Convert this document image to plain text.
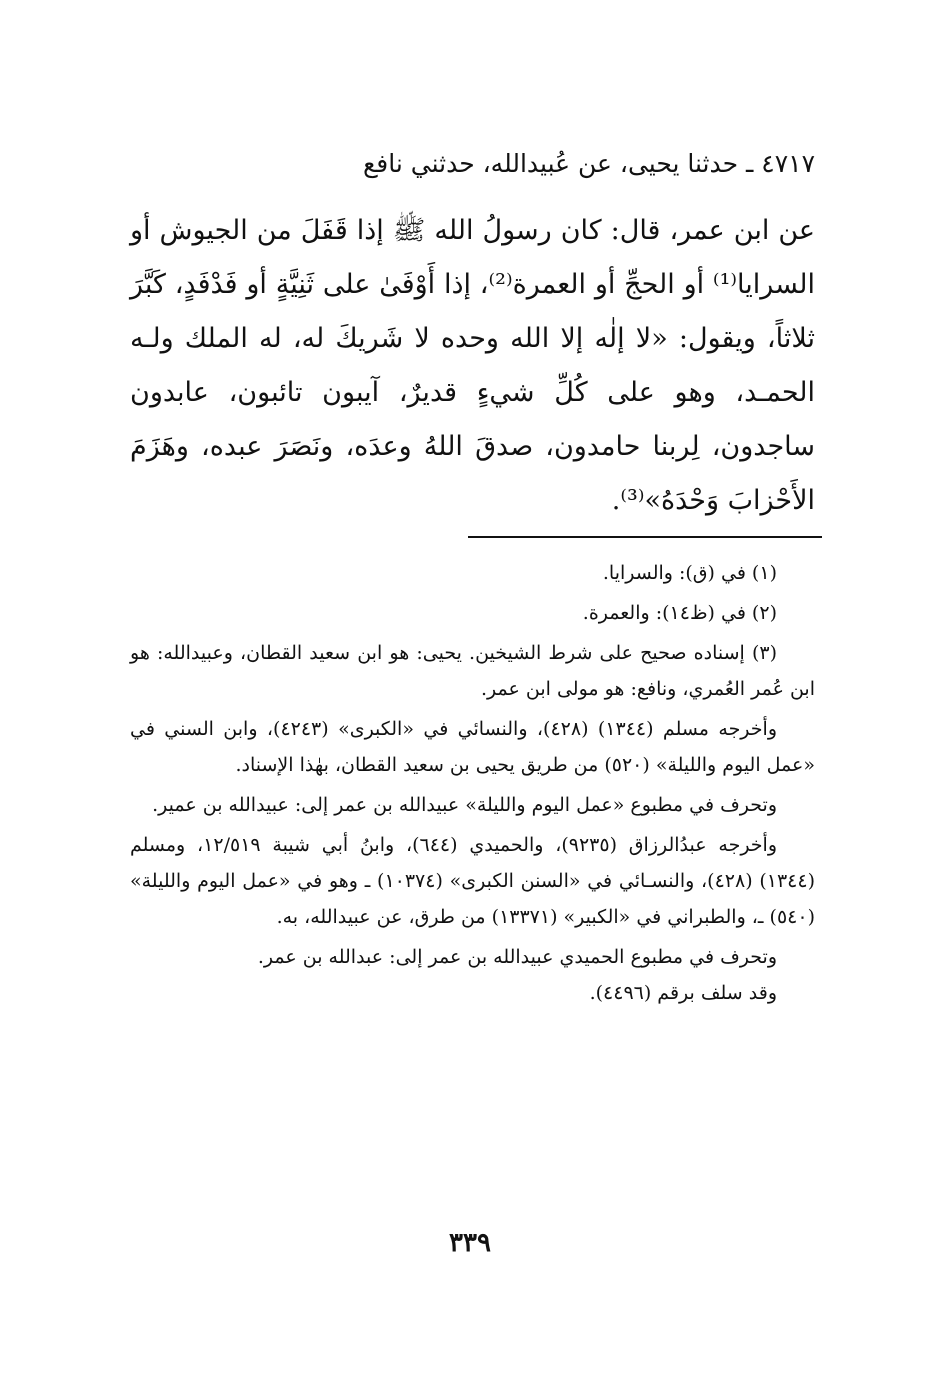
٤٧١٧ ـ حدثنا يحيى، عن عُبيدالله، حدثني نافع
عن ابن عمر، قال: كان رسولُ الله ﷺ إذا قَفَلَ من الجيوش أو السرايا⁽¹⁾ أو الحجِّ أو العمرة⁽²⁾، إذا أَوْفَىٰ على ثَنِيَّةٍ أو فَدْفَدٍ، كَبَّرَ ثلاثاً، ويقول: «لا إلٰه إلا الله وحده لا شَريكَ له، له الملك ولـه الحمـد، وهو على كُلِّ شيءٍ قديرٌ، آيبون تائبون، عابدون ساجدون، لِربنا حامدون، صدقَ اللهُ وعدَه، ونَصَرَ عبده، وهَزَمَ الأَحْزابَ وَحْدَهُ»⁽³⁾.

(١) في (ق): والسرايا.

(٢) في (ظ١٤): والعمرة.

(٣) إسناده صحيح على شرط الشيخين. يحيى: هو ابن سعيد القطان، وعبيدالله: هو ابن عُمر العُمري، ونافع: هو مولى ابن عمر.

وأخرجه مسلم (١٣٤٤) (٤٢٨)، والنسائي في «الكبرى» (٤٢٤٣)، وابن السني في «عمل اليوم والليلة» (٥٢٠) من طريق يحيى بن سعيد القطان، بهٰذا الإسناد.

وتحرف في مطبوع «عمل اليوم والليلة» عبيدالله بن عمر إلى: عبيدالله بن عمير.

وأخرجه عبدُالرزاق (٩٢٣٥)، والحميدي (٦٤٤)، وابنُ أبي شيبة ١٢/٥١٩، ومسلم (١٣٤٤) (٤٢٨)، والنسـائي في «السنن الكبرى» (١٠٣٧٤) ـ وهو في «عمل اليوم والليلة» (٥٤٠) ـ، والطبراني في «الكبير» (١٣٣٧١) من طرق، عن عبيدالله، به.

وتحرف في مطبوع الحميدي عبيدالله بن عمر إلى: عبدالله بن عمر.

وقد سلف برقم (٤٤٩٦).

٣٣٩
